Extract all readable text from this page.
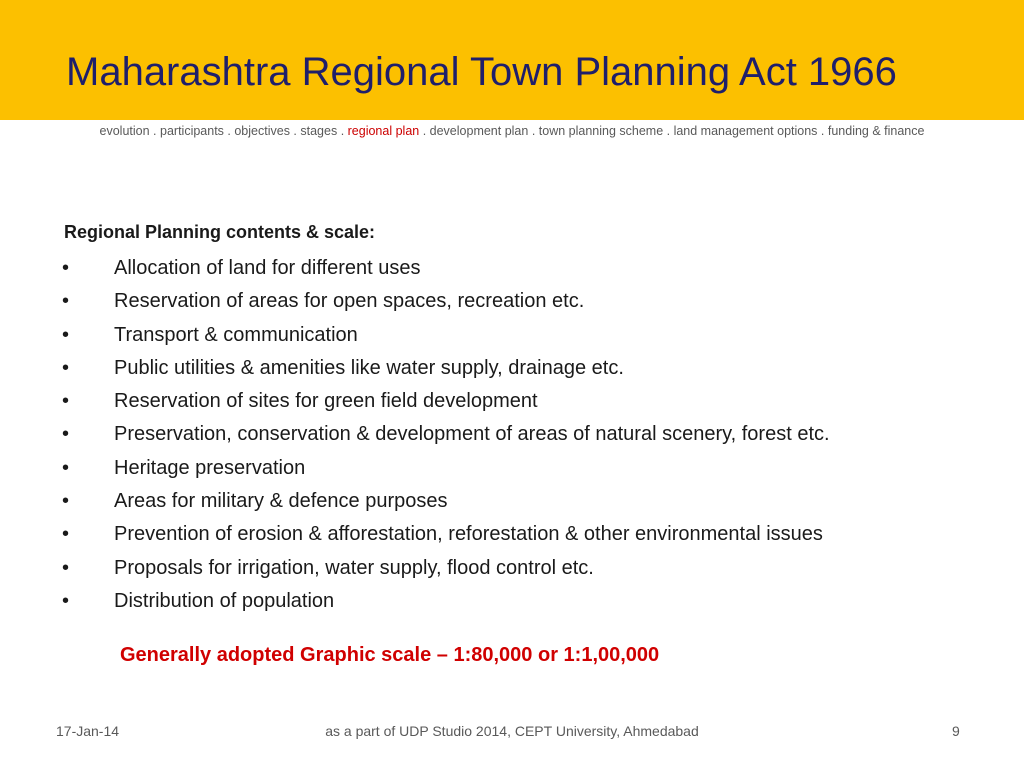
Maharashtra Regional Town Planning Act 1966
evolution . participants . objectives . stages . regional plan . development plan . town planning scheme . land management options . funding & finance
Regional Planning contents & scale:
•	Allocation of land for different uses
•	Reservation of areas for open spaces, recreation etc.
•	Transport & communication
•	Public utilities & amenities like water supply, drainage etc.
•	Reservation of sites for green field development
•	Preservation, conservation & development of areas of natural scenery, forest etc.
•	Heritage preservation
•	Areas for military & defence purposes
•	Prevention of erosion & afforestation, reforestation & other environmental issues
•	Proposals for irrigation, water supply, flood control etc.
•	Distribution of population
Generally adopted Graphic scale – 1:80,000 or 1:1,00,000
17-Jan-14	as a part of UDP Studio 2014, CEPT University, Ahmedabad	9
